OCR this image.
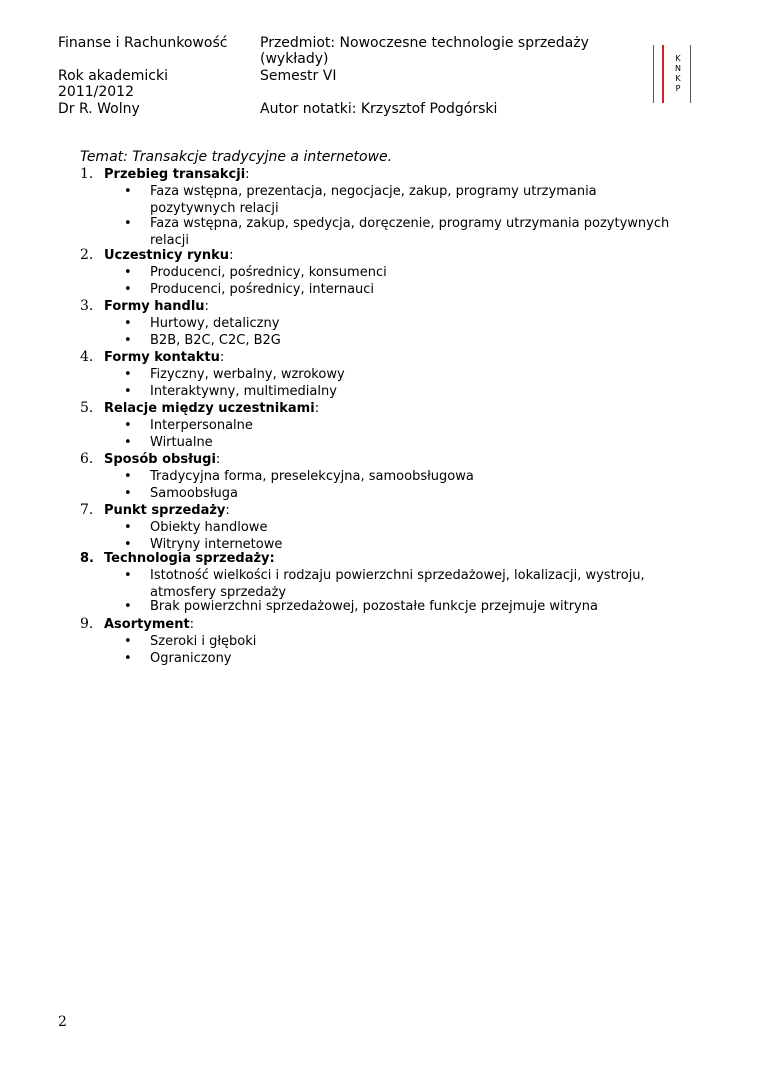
Finanse i Rachunkowość	Przedmiot: Nowoczesne technologie sprzedaży (wykłady)
Rok akademicki 2011/2012
Semestr VI
Dr R. Wolny	Autor notatki: Krzysztof Podgórski
K
N
K
P
Temat: Transakcje tradycyjne a internetowe.
1. Przebieg transakcji:
• Faza wstępna, prezentacja, negocjacje, zakup, programy utrzymania pozytywnych relacji
• Faza wstępna, zakup, spedycja, doręczenie, programy utrzymania pozytywnych relacji
2. Uczestnicy rynku:
• Producenci, pośrednicy, konsumenci
• Producenci, pośrednicy, internauci
3. Formy handlu:
• Hurtowy, detaliczny
• B2B, B2C, C2C, B2G
4. Formy kontaktu:
• Fizyczny, werbalny, wzrokowy
• Interaktywny, multimedialny
5. Relacje między uczestnikami:
• Interpersonalne
• Wirtualne
6. Sposób obsługi:
• Tradycyjna forma, preselekcyjna, samoobsługowa
• Samoobsługa
7. Punkt sprzedaży:
• Obiekty handlowe
• Witryny internetowe
8. Technologia sprzedaży:
• Istotność wielkości i rodzaju powierzchni sprzedażowej, lokalizacji, wystroju, atmosfery sprzedaży
• Brak powierzchni sprzedażowej, pozostałe funkcje przejmuje witryna
9. Asortyment:
• Szeroki i głęboki
• Ograniczony
2
